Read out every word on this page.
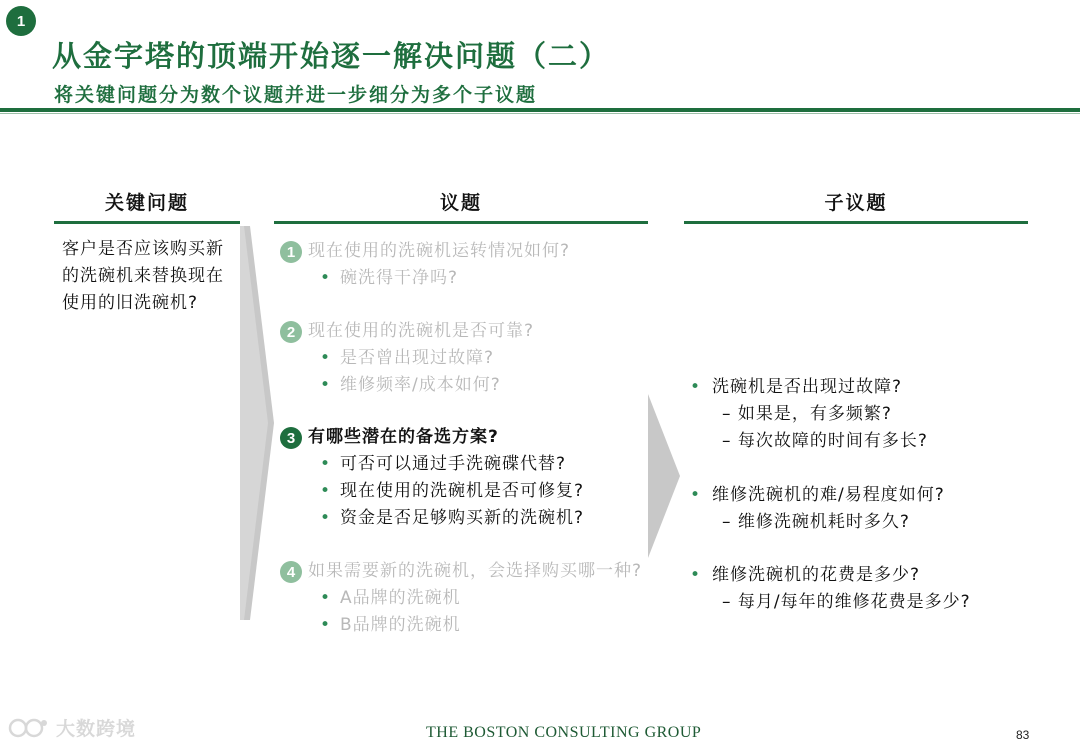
1
从金字塔的顶端开始逐一解决问题（二）
将关键问题分为数个议题并进一步细分为多个子议题
关键问题	议题	子议题
客户是否应该购买新的洗碗机来替换现在使用的旧洗碗机?
1 现在使用的洗碗机运转情况如何?
• 碗洗得干净吗?
2 现在使用的洗碗机是否可靠?
• 是否曾出现过故障?
• 维修频率/成本如何?
3 有哪些潜在的备选方案?
• 可否可以通过手洗碗碟代替?
• 现在使用的洗碗机是否可修复?
• 资金是否足够购买新的洗碗机?
4 如果需要新的洗碗机，会选择购买哪一种?
• A品牌的洗碗机
• B品牌的洗碗机
• 洗碗机是否出现过故障?
– 如果是，有多频繁?
– 每次故障的时间有多长?
• 维修洗碗机的难/易程度如何?
– 维修洗碗机耗时多久?
• 维修洗碗机的花费是多少?
– 每月/每年的维修花费是多少?
大数跨境	THE BOSTON CONSULTING GROUP	83
